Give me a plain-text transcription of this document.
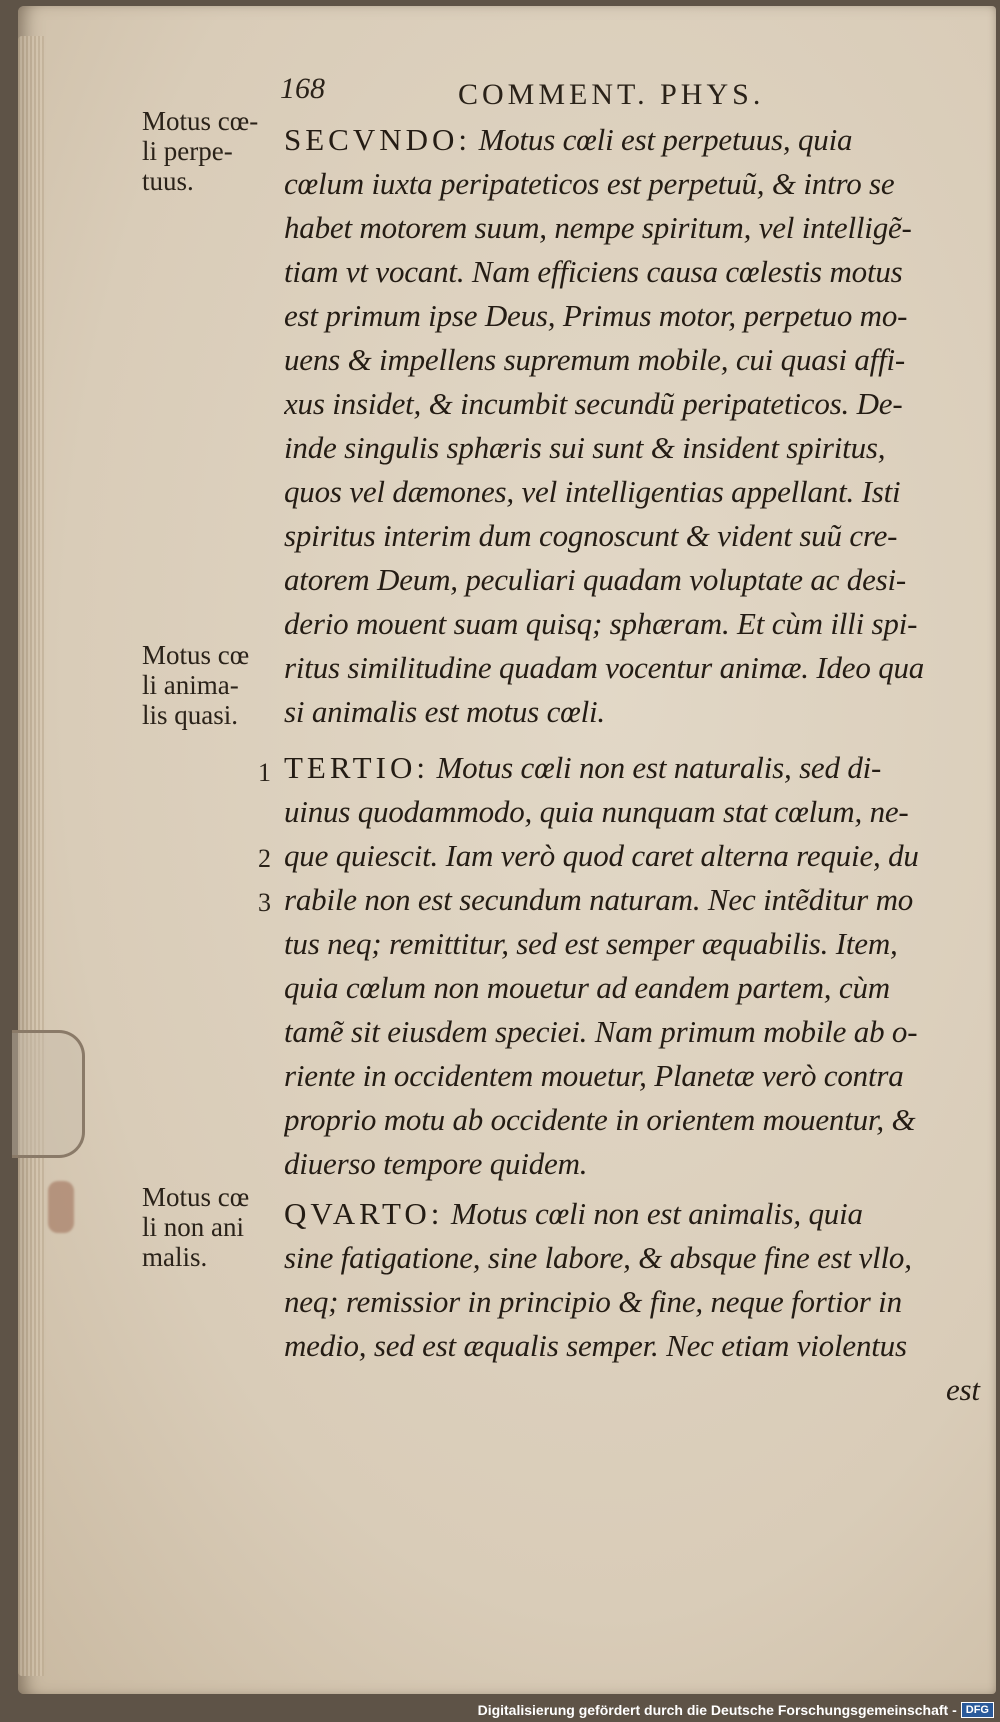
168	COMMENT. PHYS.
Motus cœ-
li perpe-
tuus.
Motus cœ
li anima-
lis quasi.
Motus cœ
li non ani
malis.
1
2
3
SECVNDO: Motus cœli est perpetuus, quia
cœlum iuxta peripateticos est perpetuũ, & intro se
habet motorem suum, nempe spiritum, vel intelligẽ-
tiam vt vocant. Nam efficiens causa cœlestis motus
est primum ipse Deus, Primus motor, perpetuo mo-
uens & impellens supremum mobile, cui quasi affi-
xus insidet, & incumbit secundũ peripateticos. De-
inde singulis sphæris sui sunt & insident spiritus,
quos vel dæmones, vel intelligentias appellant. Isti
spiritus interim dum cognoscunt & vident suũ cre-
atorem Deum, peculiari quadam voluptate ac desi-
derio mouent suam quisq; sphæram. Et cùm illi spi-
ritus similitudine quadam vocentur animæ. Ideo qua
si animalis est motus cœli.
TERTIO: Motus cœli non est naturalis, sed di-
uinus quodammodo, quia nunquam stat cœlum, ne-
que quiescit. Iam verò quod caret alterna requie, du
rabile non est secundum naturam. Nec intẽditur mo
tus neq; remittitur, sed est semper æquabilis. Item,
quia cœlum non mouetur ad eandem partem, cùm
tamẽ sit eiusdem speciei. Nam primum mobile ab o-
riente in occidentem mouetur, Planetæ verò contra
proprio motu ab occidente in orientem mouentur, &
diuerso tempore quidem.
QVARTO: Motus cœli non est animalis, quia
sine fatigatione, sine labore, & absque fine est vllo,
neq; remissior in principio & fine, neque fortior in
medio, sed est æqualis semper. Nec etiam violentus
est
Digitalisierung gefördert durch die Deutsche Forschungsgemeinschaft - DFG
